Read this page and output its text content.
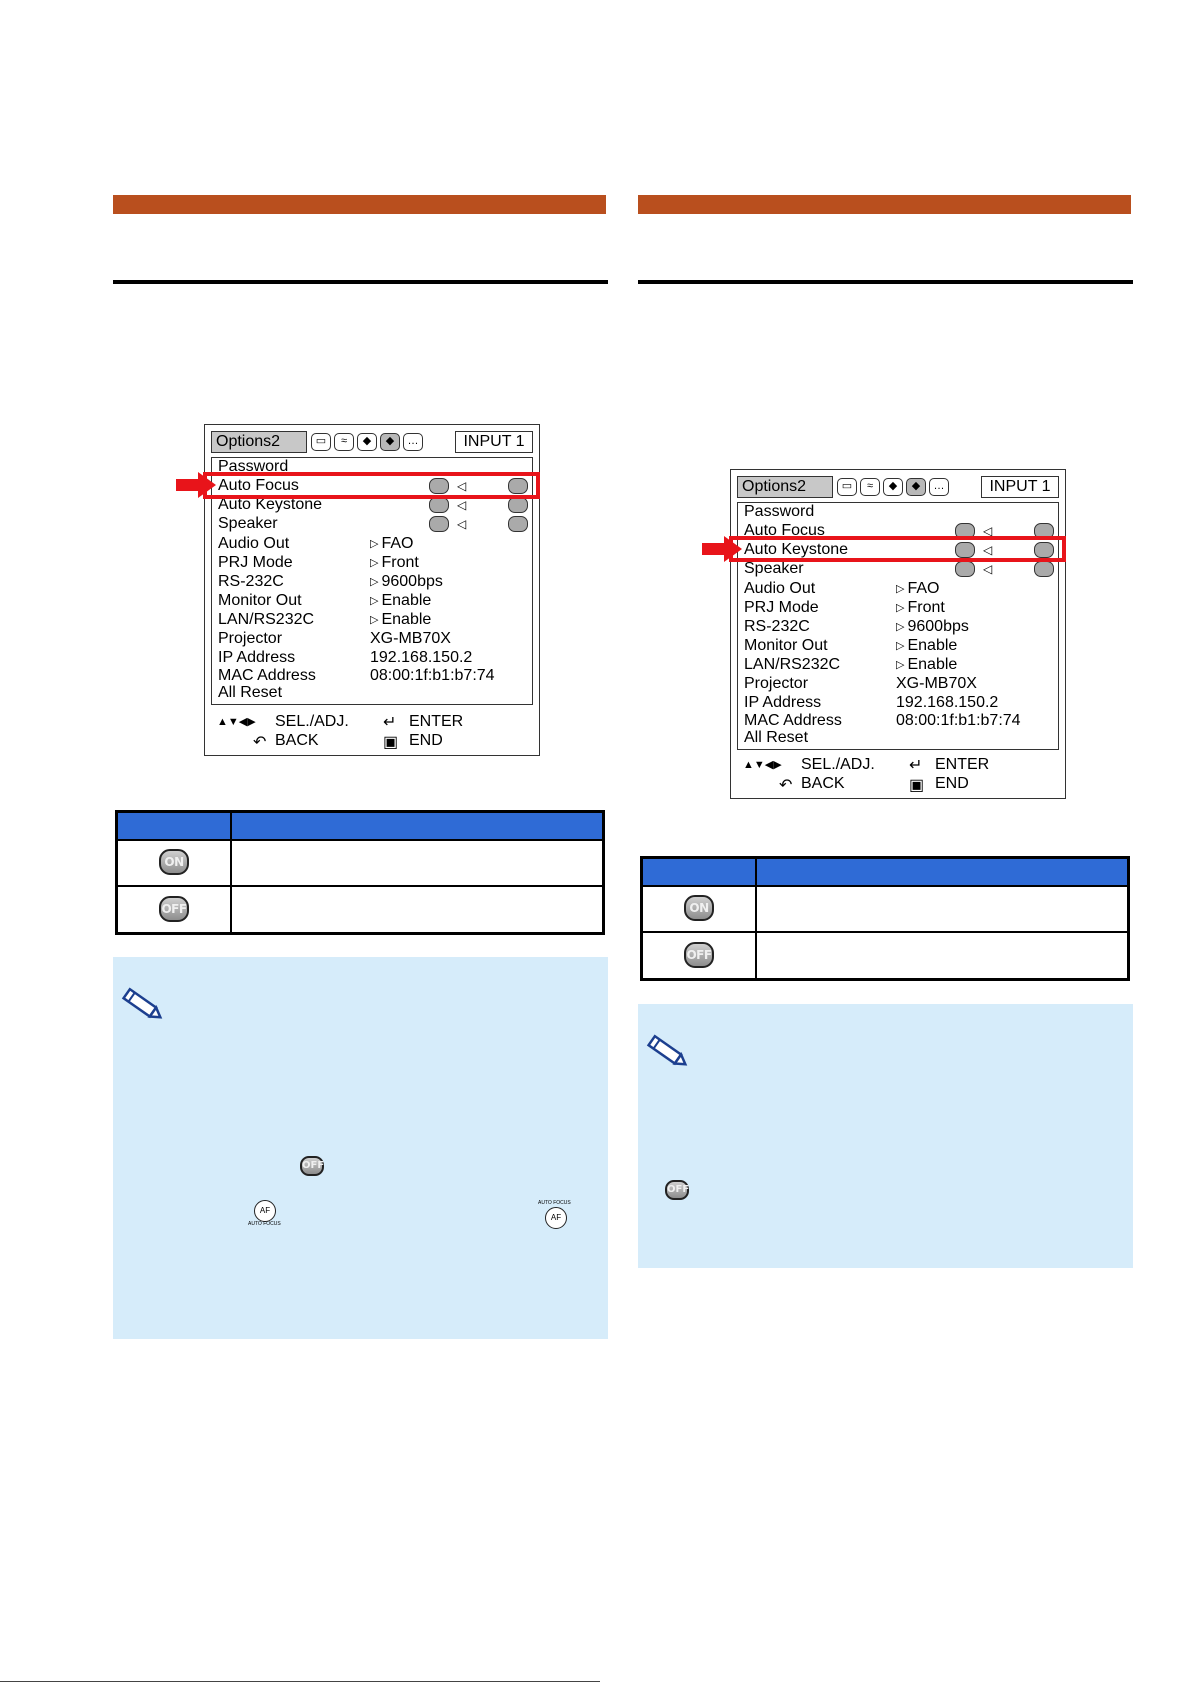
Options2	▭	≈	◆	◆	…	INPUT 1
Password
Auto Focus	◁
Auto Keystone	◁
Speaker	◁
Audio Out	▷ FAO
PRJ Mode	▷ Front
RS-232C	▷ 9600bps
Monitor Out	▷ Enable
LAN/RS232C	▷ Enable
Projector	XG-MB70X
IP Address	192.168.150.2
MAC Address	08:00:1f:b1:b7:74
All Reset
▲▼◀▶ SEL./ADJ. ↵ ENTER
↶ BACK	▣ END
ON
OFF
OFF
AF
AUTO FOCUS
AUTO FOCUS
AF
Options2	▭	≈	◆	◆	…	INPUT 1
Password
Auto Focus	◁
Auto Keystone	◁
Speaker	◁
Audio Out	▷ FAO
PRJ Mode	▷ Front
RS-232C	▷ 9600bps
Monitor Out	▷ Enable
LAN/RS232C	▷ Enable
Projector	XG-MB70X
IP Address	192.168.150.2
MAC Address	08:00:1f:b1:b7:74
All Reset
▲▼◀▶ SEL./ADJ. ↵ ENTER
↶ BACK	▣ END
ON
OFF
OFF
